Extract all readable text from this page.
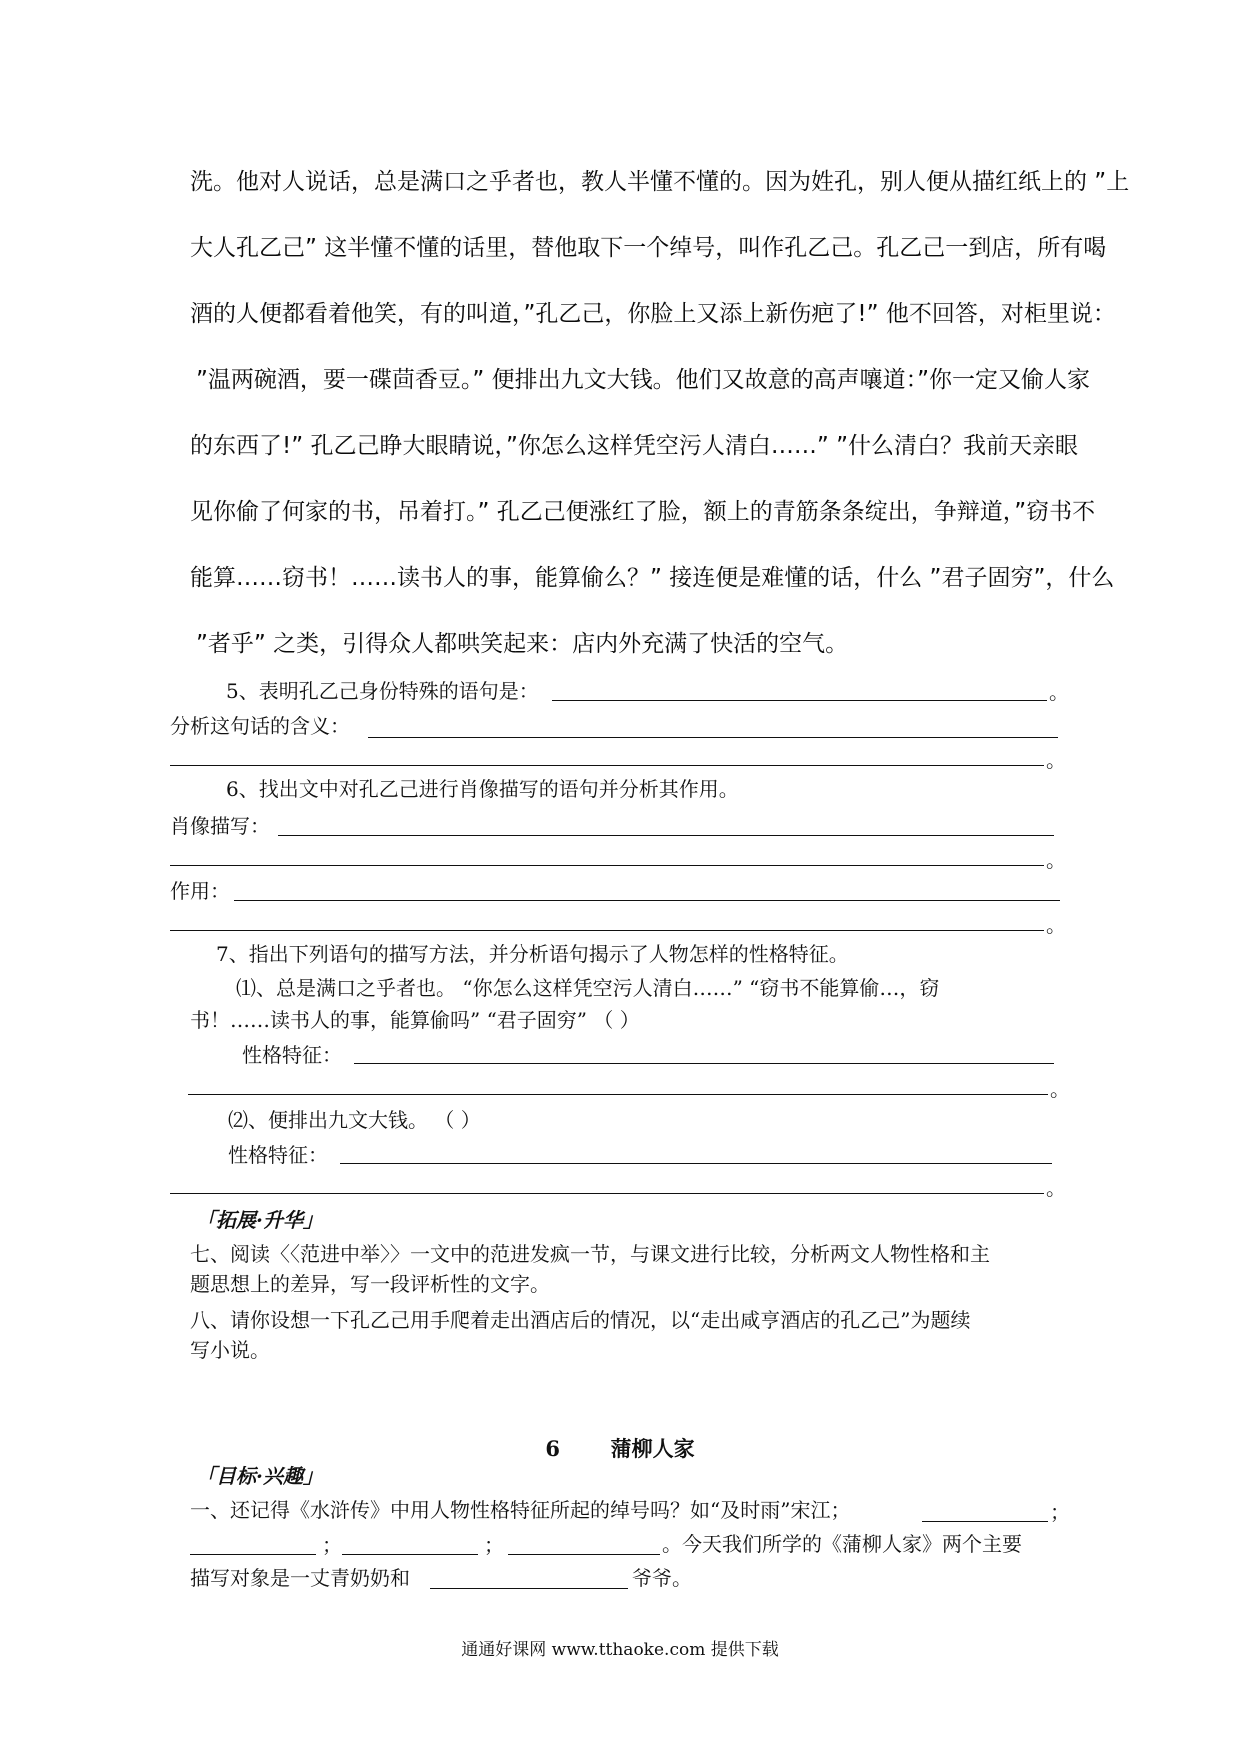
洗。他对人说话，总是满口之乎者也，教人半懂不懂的。因为姓孔，别人便从描红纸上的 ”上
大人孔乙己” 这半懂不懂的话里，替他取下一个绰号，叫作孔乙己。孔乙己一到店，所有喝
酒的人便都看着他笑，有的叫道，”孔乙己，你脸上又添上新伤疤了!” 他不回答，对柜里说：
”温两碗酒，要一碟茴香豆。” 便排出九文大钱。他们又故意的高声嚷道：”你一定又偷人家
的东西了!” 孔乙己睁大眼睛说，”你怎么这样凭空污人清白……” ”什么清白？我前天亲眼
见你偷了何家的书，吊着打。” 孔乙己便涨红了脸，额上的青筋条条绽出，争辩道，”窃书不
能算……窃书！……读书人的事，能算偷么？” 接连便是难懂的话，什么 ”君子固穷”，什么
”者乎” 之类，引得众人都哄笑起来：店内外充满了快活的空气。
5、表明孔乙己身份特殊的语句是：	。
分析这句话的含义：
。
6、找出文中对孔乙己进行肖像描写的语句并分析其作用。
肖像描写：
。
作用：
。
7、指出下列语句的描写方法，并分析语句揭示了人物怎样的性格特征。
⑴、总是满口之乎者也。 “你怎么这样凭空污人清白……” “窃书不能算偷…，窃
书！……读书人的事，能算偷吗” “君子固穷” （ ）
性格特征：
。
⑵、便排出九文大钱。 （ ）
性格特征：
。
「拓展·升华」
七、阅读〈〈范进中举〉〉一文中的范进发疯一节，与课文进行比较，分析两文人物性格和主
题思想上的差异，写一段评析性的文字。
八、请你设想一下孔乙己用手爬着走出酒店后的情况，以“走出咸亨酒店的孔乙己”为题续
写小说。
6 蒲柳人家
「目标·兴趣」
一、还记得《水浒传》中用人物性格特征所起的绰号吗？如“及时雨”宋江；	；
；	；	。今天我们所学的《蒲柳人家》两个主要
描写对象是一丈青奶奶和	爷爷。
通通好课网 www.tthaoke.com 提供下载
